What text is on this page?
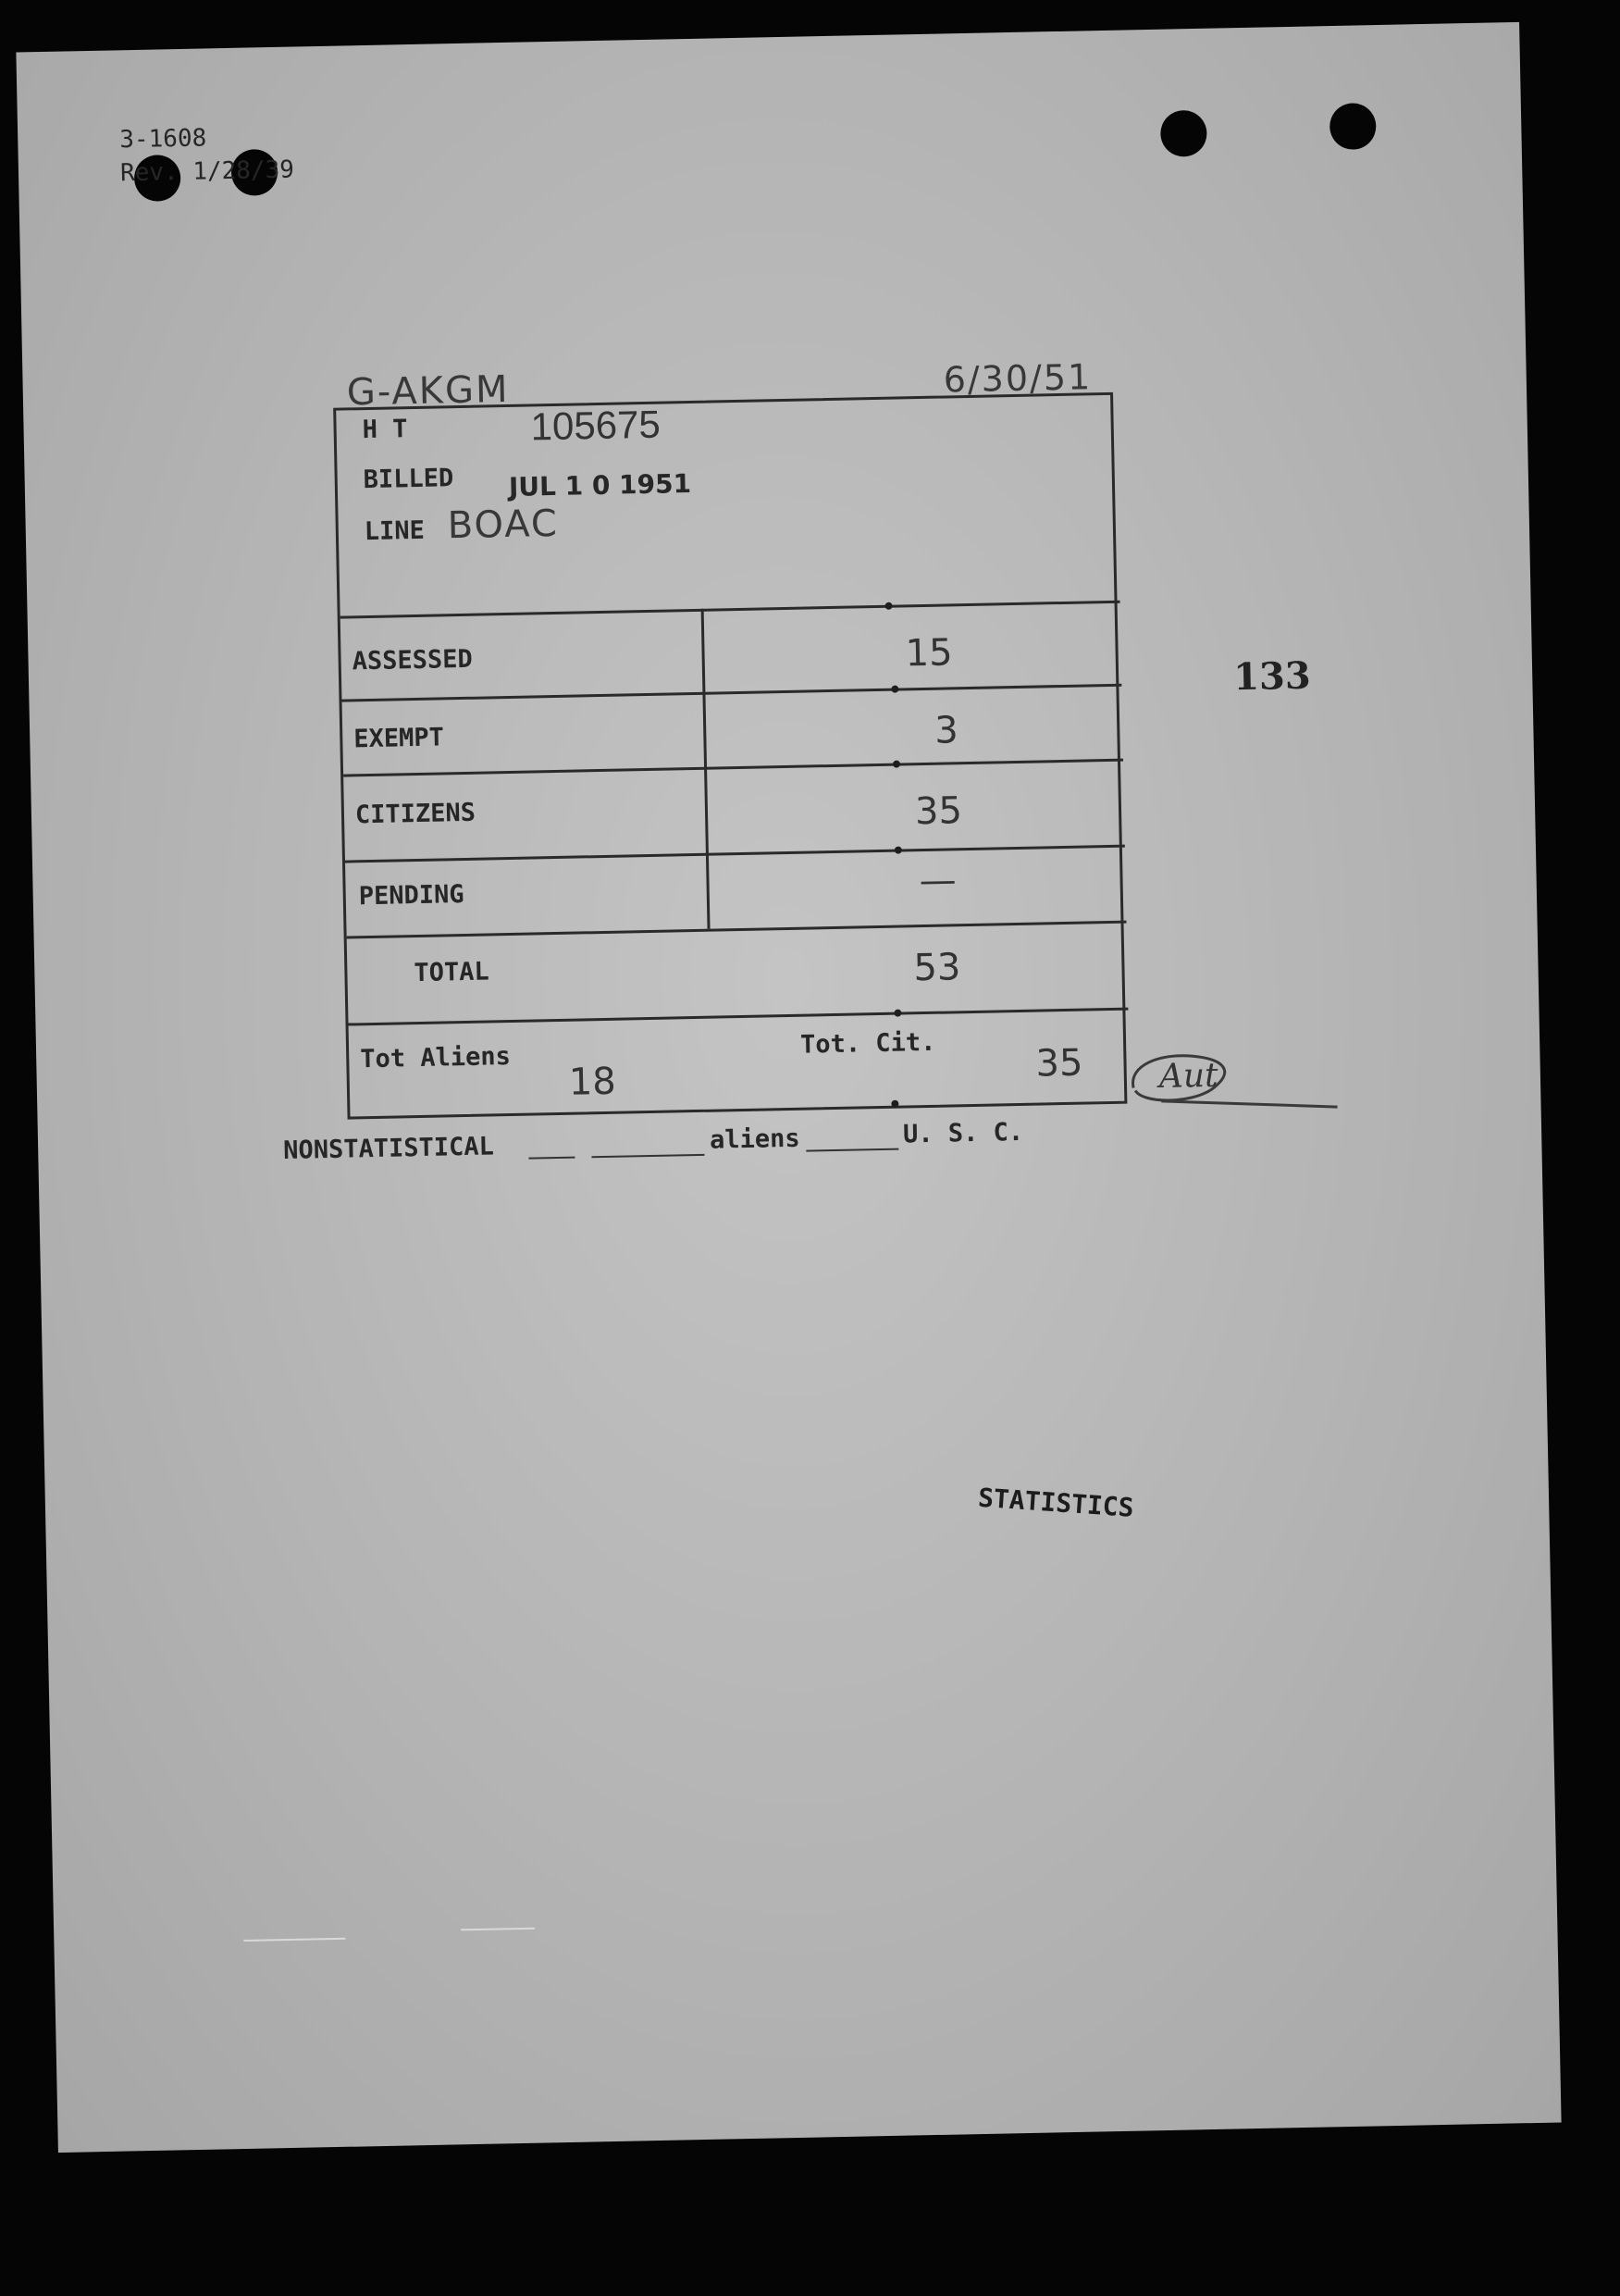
3-1608
Rev. 1/28/39
G-AKGM	6/30/51
H T	105675
BILLED JUL 1 0 1951
LINE BOAC
ASSESSED	15
EXEMPT	3
CITIZENS	35
PENDING	—
TOTAL	53
Tot Aliens
18
Tot. Cit.	35 Aut
NONSTATISTICAL	aliens	U. S. C.
133
STATISTICS
